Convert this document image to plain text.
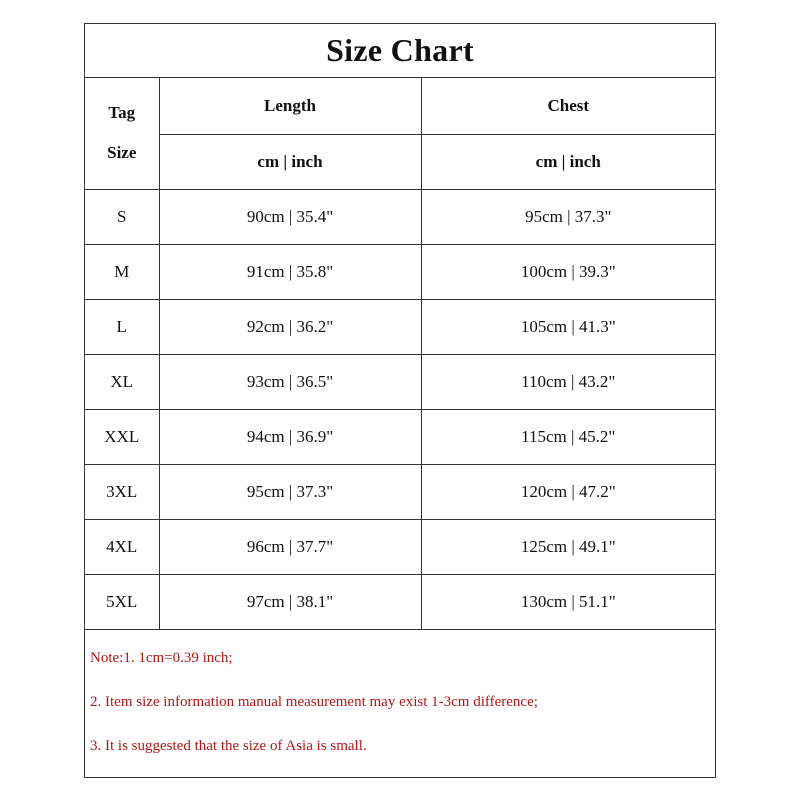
Size Chart
Tag
Size	Length	Chest
	cm | inch	cm | inch
S	90cm | 35.4"	95cm | 37.3"
M	91cm | 35.8"	100cm | 39.3"
L	92cm | 36.2"	105cm | 41.3"
XL	93cm | 36.5"	110cm | 43.2"
XXL	94cm | 36.9"	115cm | 45.2"
3XL	95cm | 37.3"	120cm | 47.2"
4XL	96cm | 37.7"	125cm | 49.1"
5XL	97cm | 38.1"	130cm | 51.1"
Note:1. 1cm=0.39 inch;
2. Item size information manual measurement may exist 1-3cm difference;
3. It is suggested that the size of Asia is small.
